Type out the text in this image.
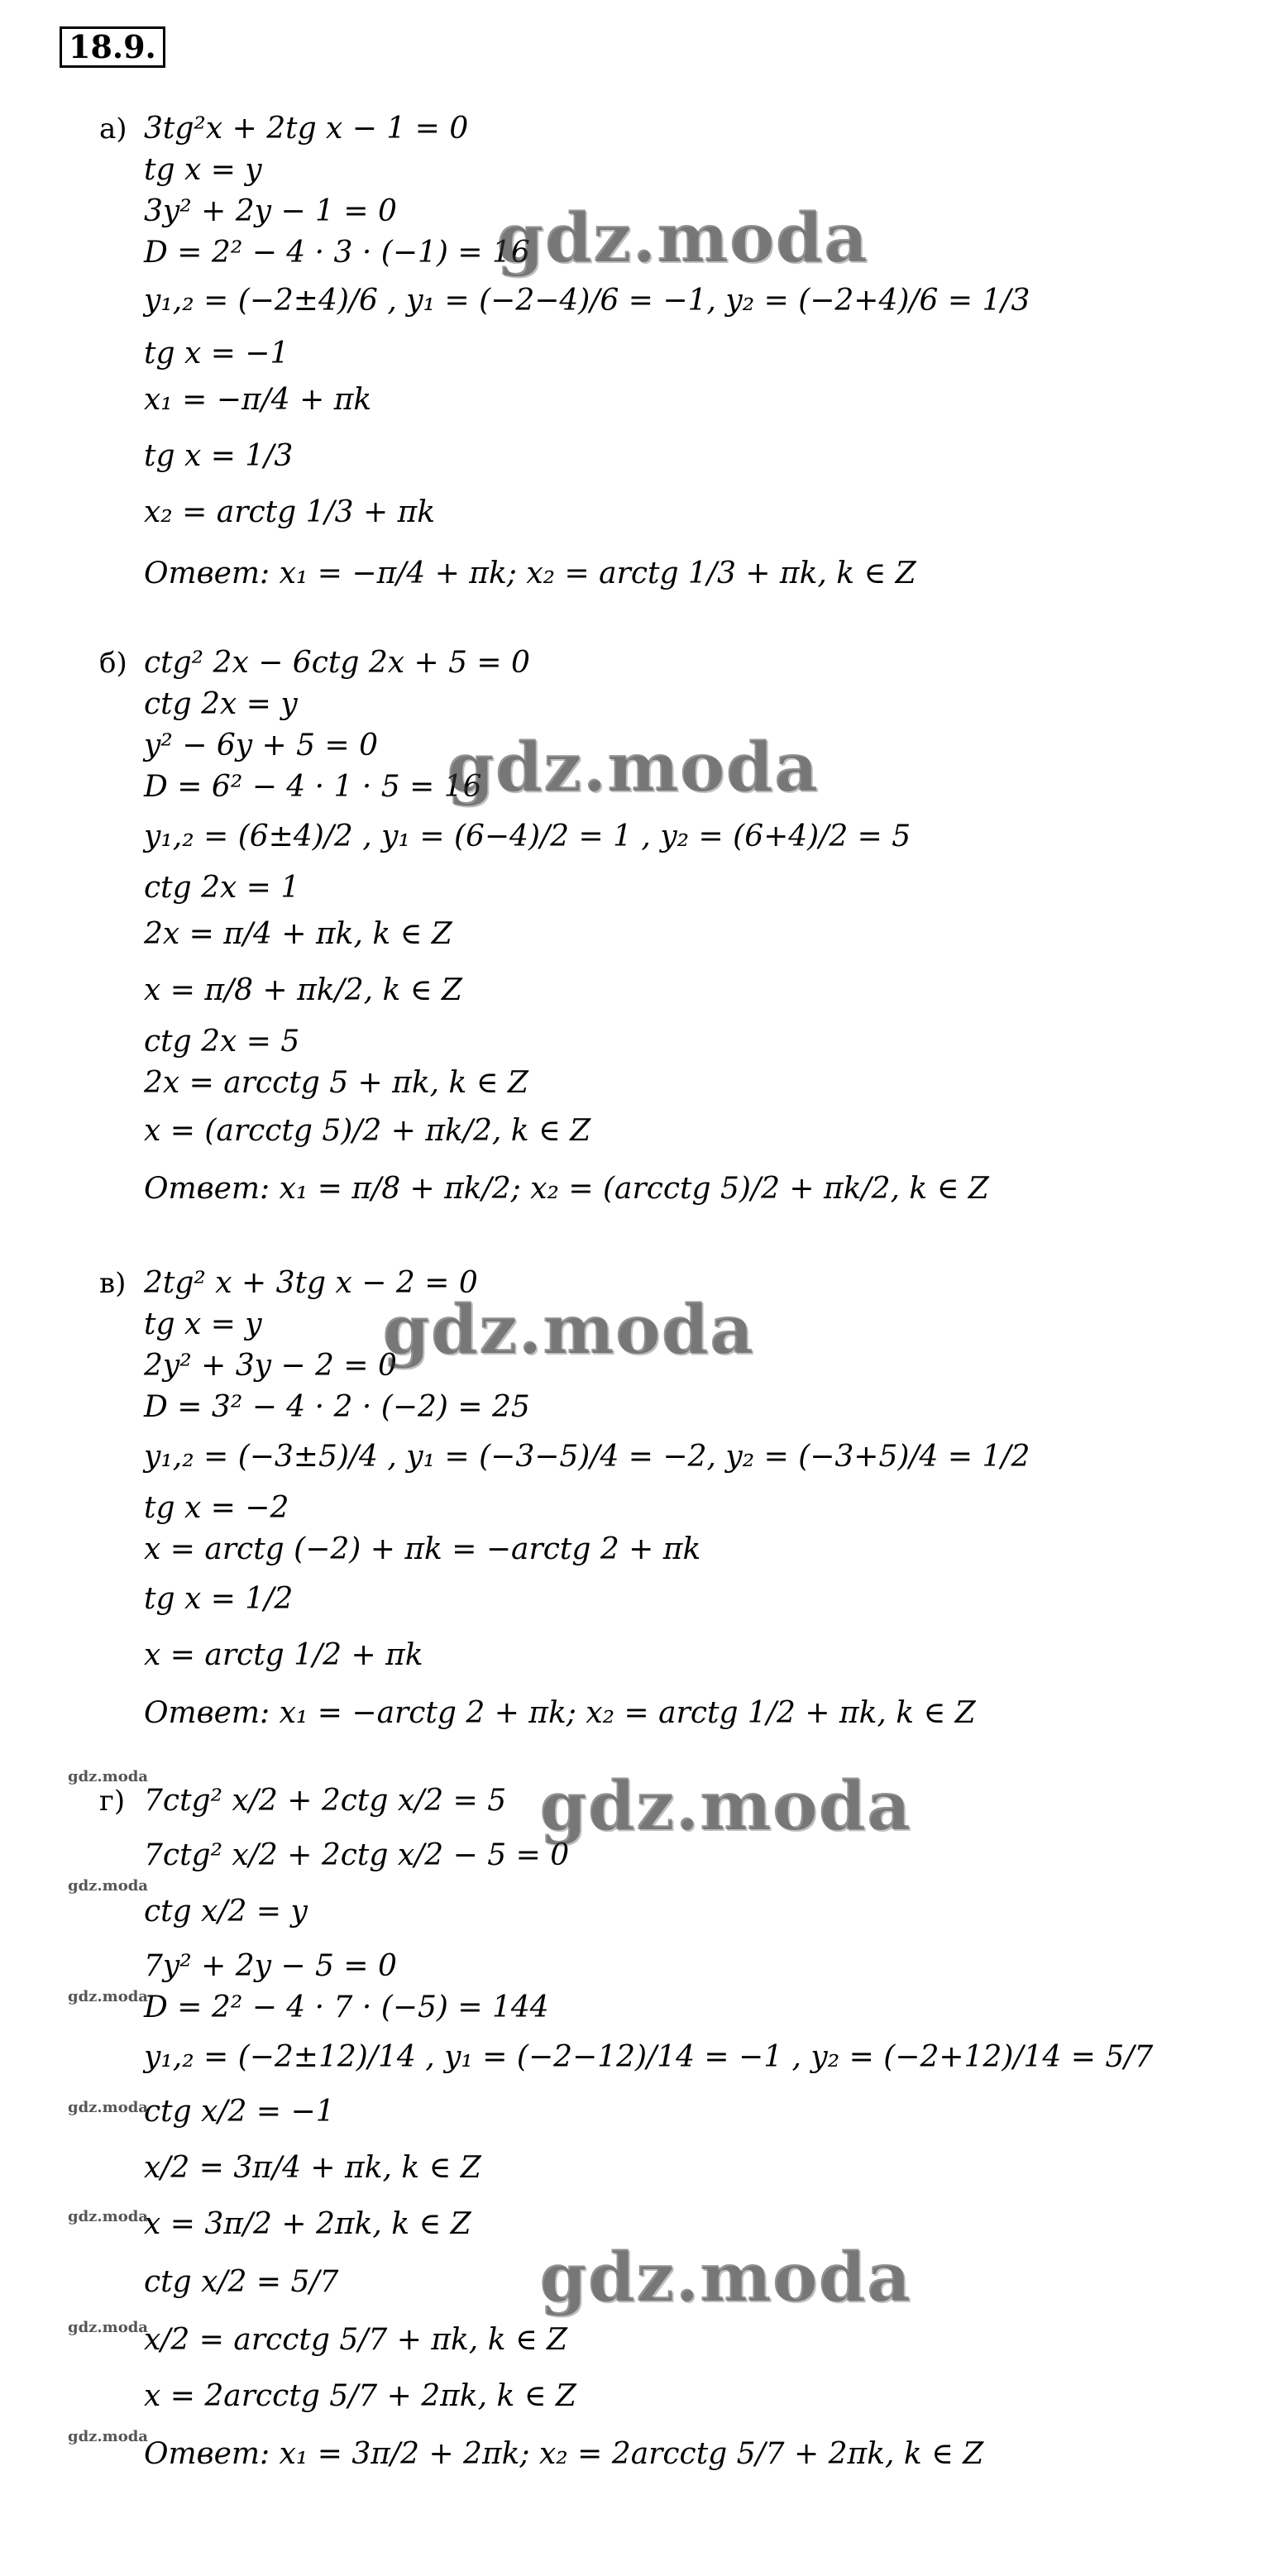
18.9.
а) 3tg²x + 2tg x − 1 = 0
tg x = y
3y² + 2y − 1 = 0
D = 2² − 4 · 3 · (−1) = 16
y₁,₂ = (−2±4)/6 , y₁ = (−2−4)/6 = −1, y₂ = (−2+4)/6 = 1/3
tg x = −1
x₁ = −π/4 + πk
tg x = 1/3
x₂ = arctg 1/3 + πk
Ответ: x₁ = −π/4 + πk; x₂ = arctg 1/3 + πk, k ∈ Z
б) ctg² 2x − 6ctg 2x + 5 = 0
ctg 2x = y
y² − 6y + 5 = 0
D = 6² − 4 · 1 · 5 = 16
y₁,₂ = (6±4)/2 , y₁ = (6−4)/2 = 1 , y₂ = (6+4)/2 = 5
ctg 2x = 1
2x = π/4 + πk, k ∈ Z
x = π/8 + πk/2, k ∈ Z
ctg 2x = 5
2x = arcctg 5 + πk, k ∈ Z
x = (arcctg 5)/2 + πk/2, k ∈ Z
Ответ: x₁ = π/8 + πk/2; x₂ = (arcctg 5)/2 + πk/2, k ∈ Z
в) 2tg² x + 3tg x − 2 = 0
tg x = y
2y² + 3y − 2 = 0
D = 3² − 4 · 2 · (−2) = 25
y₁,₂ = (−3±5)/4 , y₁ = (−3−5)/4 = −2, y₂ = (−3+5)/4 = 1/2
tg x = −2
x = arctg (−2) + πk = −arctg 2 + πk
tg x = 1/2
x = arctg 1/2 + πk
Ответ: x₁ = −arctg 2 + πk; x₂ = arctg 1/2 + πk, k ∈ Z
г) 7ctg² x/2 + 2ctg x/2 = 5
7ctg² x/2 + 2ctg x/2 − 5 = 0
ctg x/2 = y
7y² + 2y − 5 = 0
D = 2² − 4 · 7 · (−5) = 144
y₁,₂ = (−2±12)/14 , y₁ = (−2−12)/14 = −1 , y₂ = (−2+12)/14 = 5/7
ctg x/2 = −1
x/2 = 3π/4 + πk, k ∈ Z
x = 3π/2 + 2πk, k ∈ Z
ctg x/2 = 5/7
x/2 = arcctg 5/7 + πk, k ∈ Z
x = 2arcctg 5/7 + 2πk, k ∈ Z
Ответ: x₁ = 3π/2 + 2πk; x₂ = 2arcctg 5/7 + 2πk, k ∈ Z
gdz.moda
gdz.moda
gdz.moda
gdz.moda
gdz.moda
gdz.moda
gdz.moda
gdz.moda
gdz.moda
gdz.moda
gdz.moda
gdz.moda
